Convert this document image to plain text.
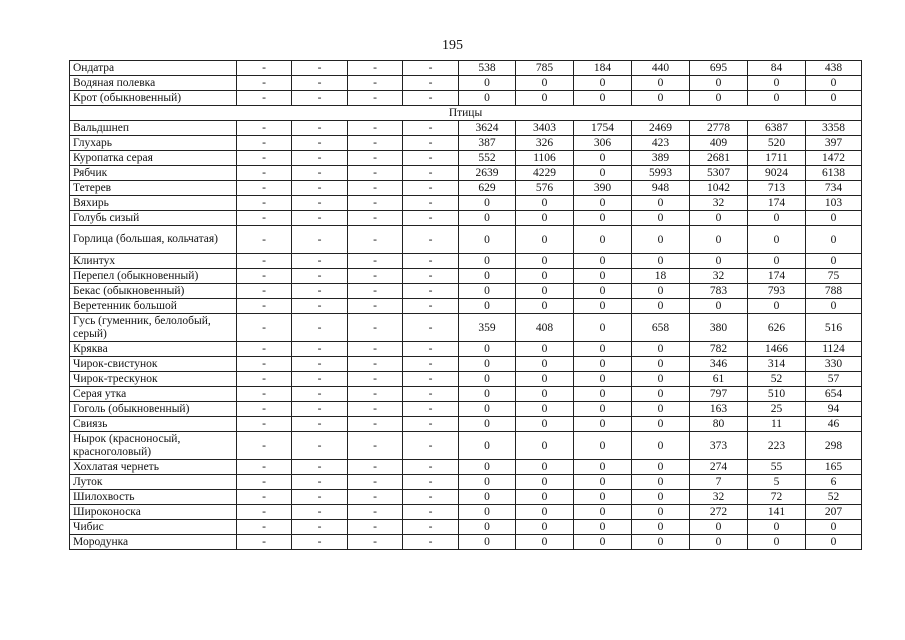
195
Ондатра	-	-	-	-	538	785	184	440	695	84	438
Водяная полевка	-	-	-	-	0	0	0	0	0	0	0
Крот (обыкновенный)	-	-	-	-	0	0	0	0	0	0	0
Птицы											
Вальдшнеп	-	-	-	-	3624	3403	1754	2469	2778	6387	3358
Глухарь	-	-	-	-	387	326	306	423	409	520	397
Куропатка серая	-	-	-	-	552	1106	0	389	2681	1711	1472
Рябчик	-	-	-	-	2639	4229	0	5993	5307	9024	6138
Тетерев	-	-	-	-	629	576	390	948	1042	713	734
Вяхирь	-	-	-	-	0	0	0	0	32	174	103
Голубь сизый	-	-	-	-	0	0	0	0	0	0	0
Горлица (большая, кольчатая)	-	-	-	-	0	0	0	0	0	0	0
Клинтух	-	-	-	-	0	0	0	0	0	0	0
Перепел (обыкновенный)	-	-	-	-	0	0	0	18	32	174	75
Бекас (обыкновенный)	-	-	-	-	0	0	0	0	783	793	788
Веретенник большой	-	-	-	-	0	0	0	0	0	0	0
Гусь (гуменник, белолобый, серый)	-	-	-	-	359	408	0	658	380	626	516
Кряква	-	-	-	-	0	0	0	0	782	1466	1124
Чирок-свистунок	-	-	-	-	0	0	0	0	346	314	330
Чирок-трескунок	-	-	-	-	0	0	0	0	61	52	57
Серая утка	-	-	-	-	0	0	0	0	797	510	654
Гоголь (обыкновенный)	-	-	-	-	0	0	0	0	163	25	94
Свиязь	-	-	-	-	0	0	0	0	80	11	46
Нырок (красноносый, красноголовый)	-	-	-	-	0	0	0	0	373	223	298
Хохлатая чернеть	-	-	-	-	0	0	0	0	274	55	165
Луток	-	-	-	-	0	0	0	0	7	5	6
Шилохвость	-	-	-	-	0	0	0	0	32	72	52
Широконоска	-	-	-	-	0	0	0	0	272	141	207
Чибис	-	-	-	-	0	0	0	0	0	0	0
Мородунка	-	-	-	-	0	0	0	0	0	0	0
